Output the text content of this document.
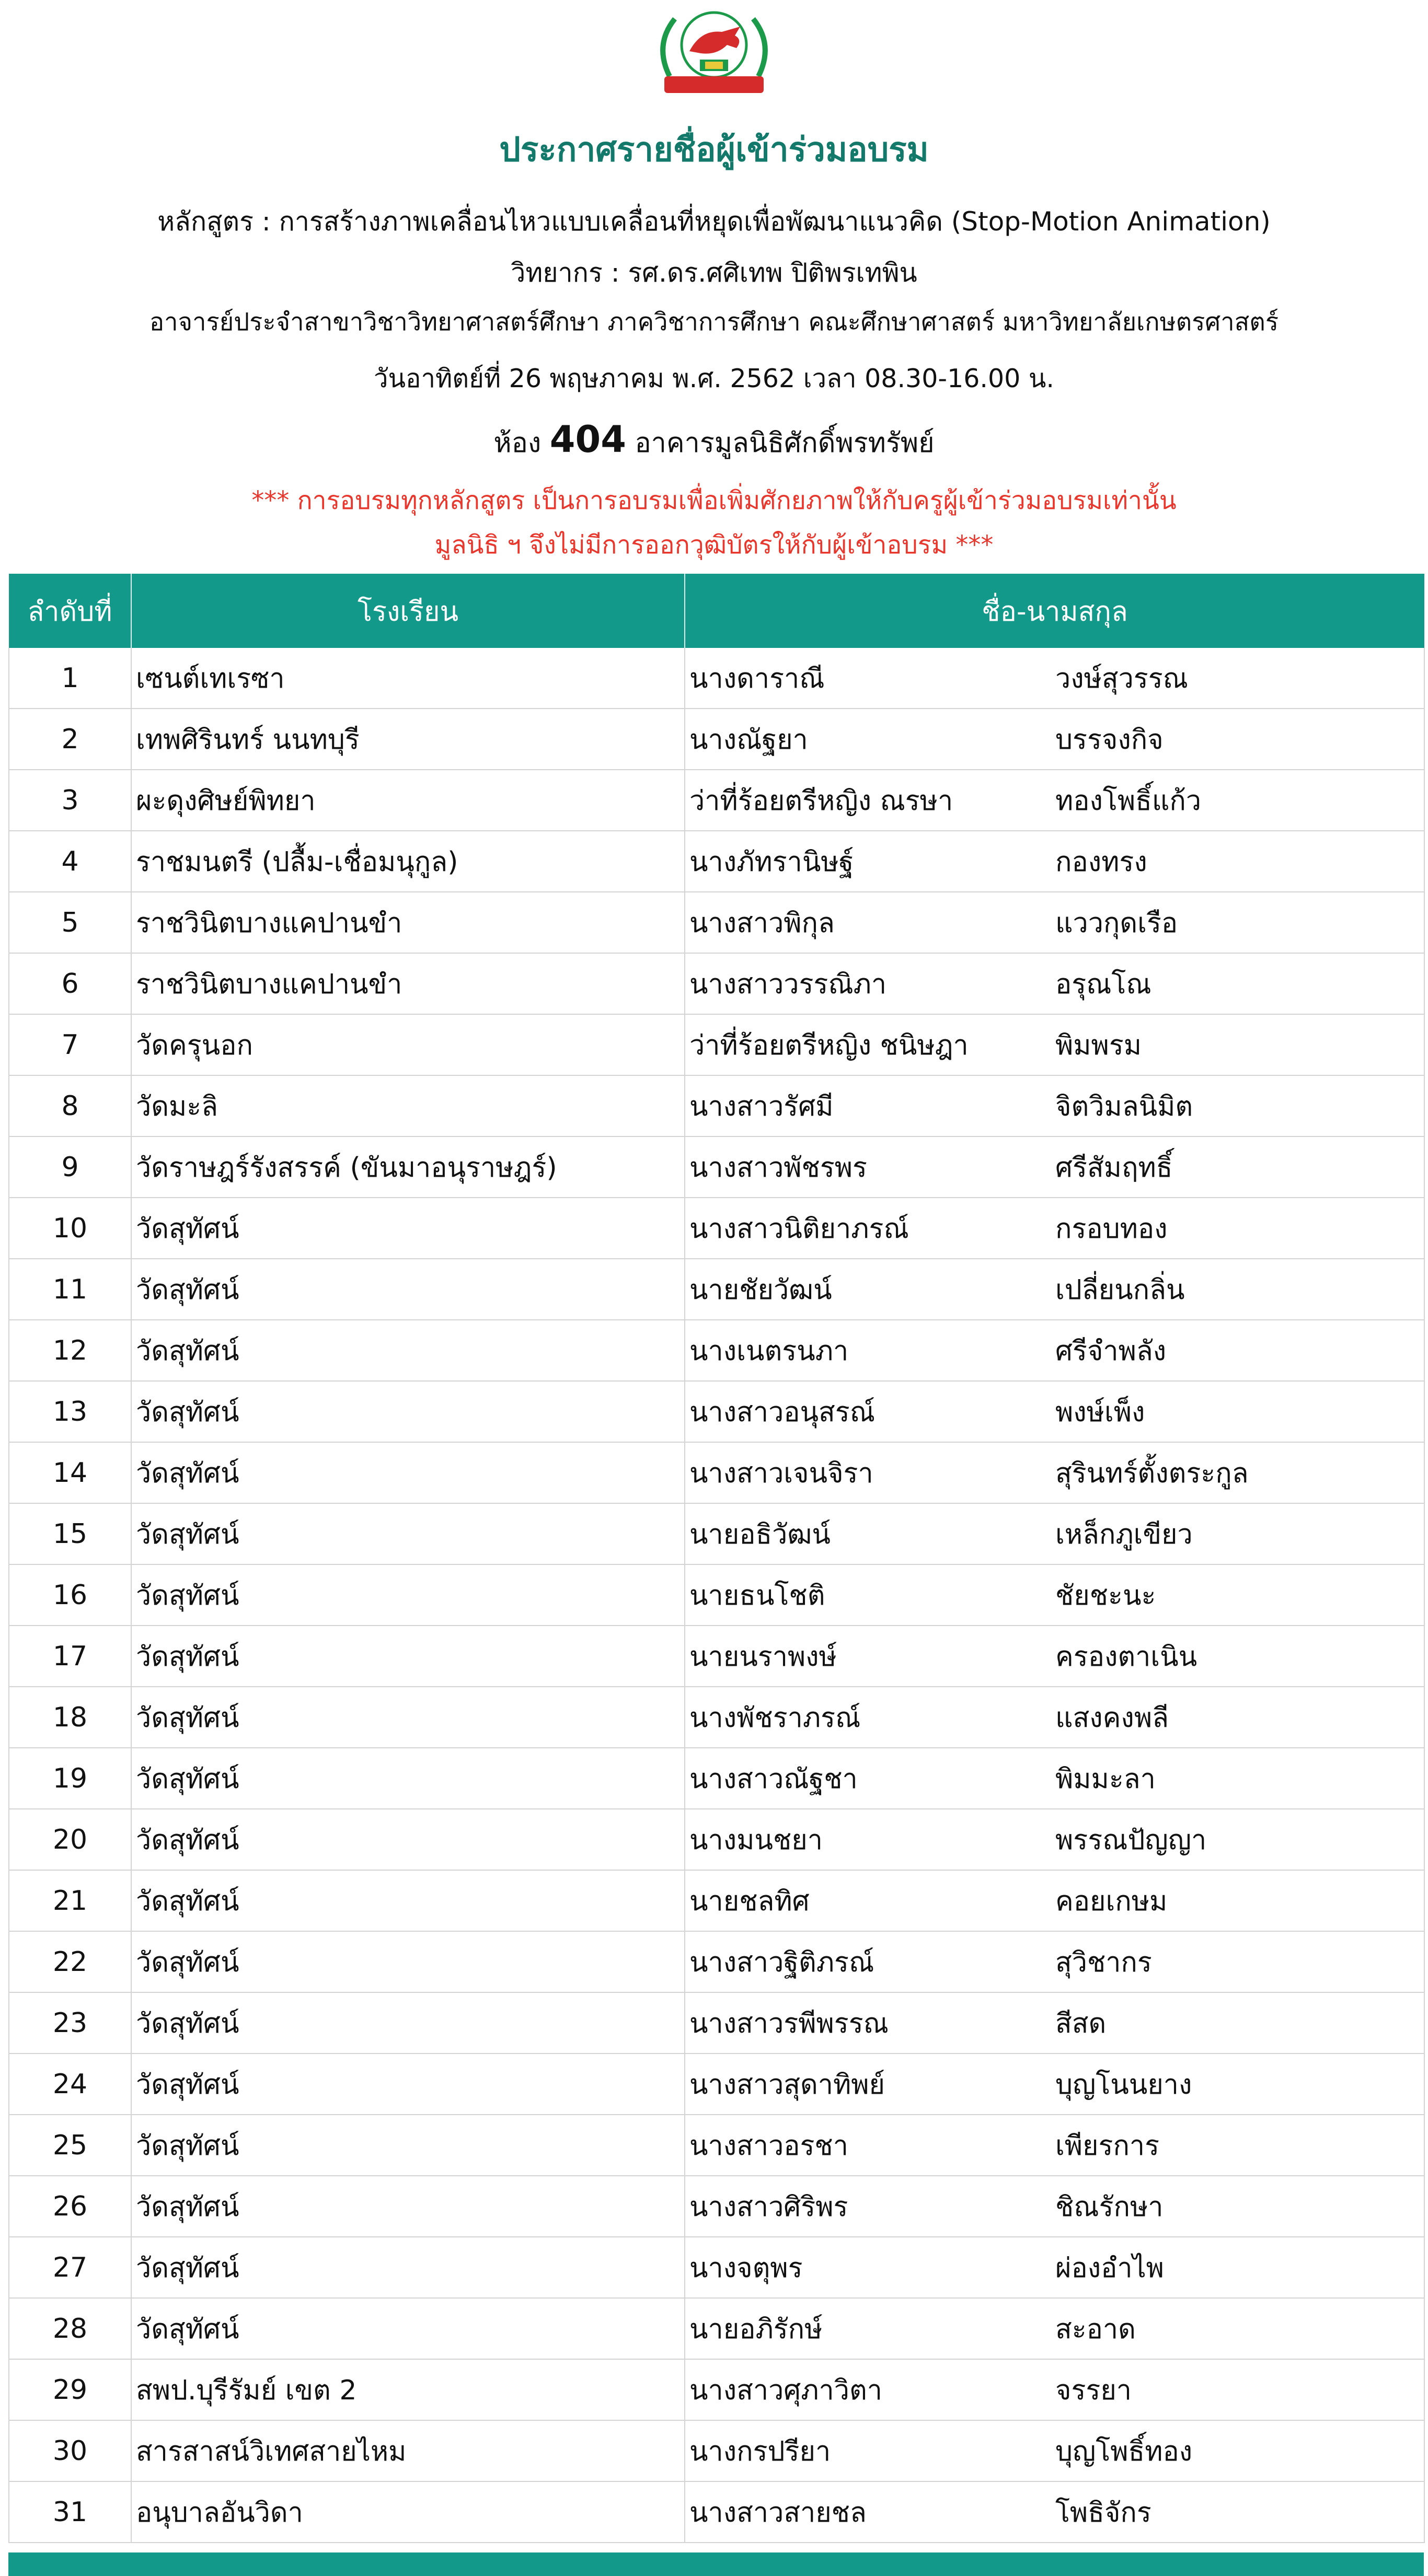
ประกาศรายชื่อผู้เข้าร่วมอบรม
หลักสูตร : การสร้างภาพเคลื่อนไหวแบบเคลื่อนที่หยุดเพื่อพัฒนาแนวคิด (Stop-Motion Animation)
วิทยากร : รศ.ดร.ศศิเทพ ปิติพรเทพิน
อาจารย์ประจำสาขาวิชาวิทยาศาสตร์ศึกษา ภาควิชาการศึกษา คณะศึกษาศาสตร์ มหาวิทยาลัยเกษตรศาสตร์
วันอาทิตย์ที่ 26 พฤษภาคม พ.ศ. 2562 เวลา 08.30-16.00 น.
ห้อง 404 อาคารมูลนิธิศักดิ์พรทรัพย์
*** การอบรมทุกหลักสูตร เป็นการอบรมเพื่อเพิ่มศักยภาพให้กับครูผู้เข้าร่วมอบรมเท่านั้น
มูลนิธิ ฯ จึงไม่มีการออกวุฒิบัตรให้กับผู้เข้าอบรม ***
ลำดับที่	โรงเรียน	ชื่อ-นามสกุล
1	เซนต์เทเรซา	นางดาราณี วงษ์สุวรรณ
2	เทพศิรินทร์ นนทบุรี	นางณัฐยา บรรจงกิจ
3	ผะดุงศิษย์พิทยา	ว่าที่ร้อยตรีหญิง ณรษา ทองโพธิ์แก้ว
4	ราชมนตรี (ปลื้ม-เชื่อมนุกูล)	นางภัทรานิษฐ์ กองทรง
5	ราชวินิตบางแคปานขำ	นางสาวพิกุล แววกุดเรือ
6	ราชวินิตบางแคปานขำ	นางสาววรรณิภา อรุณโณ
7	วัดครุนอก	ว่าที่ร้อยตรีหญิง ชนิษฎา พิมพรม
8	วัดมะลิ	นางสาวรัศมี จิตวิมลนิมิต
9	วัดราษฎร์รังสรรค์ (ขันมาอนุราษฎร์)	นางสาวพัชรพร ศรีสัมฤทธิ์
10	วัดสุทัศน์	นางสาวนิติยาภรณ์ กรอบทอง
11	วัดสุทัศน์	นายชัยวัฒน์ เปลี่ยนกลิ่น
12	วัดสุทัศน์	นางเนตรนภา ศรีจำพลัง
13	วัดสุทัศน์	นางสาวอนุสรณ์ พงษ์เพ็ง
14	วัดสุทัศน์	นางสาวเจนจิรา สุรินทร์ตั้งตระกูล
15	วัดสุทัศน์	นายอธิวัฒน์ เหล็กภูเขียว
16	วัดสุทัศน์	นายธนโชติ ชัยชะนะ
17	วัดสุทัศน์	นายนราพงษ์ ครองตาเนิน
18	วัดสุทัศน์	นางพัชราภรณ์ แสงคงพลี
19	วัดสุทัศน์	นางสาวณัฐชา พิมมะลา
20	วัดสุทัศน์	นางมนชยา พรรณปัญญา
21	วัดสุทัศน์	นายชลทิศ คอยเกษม
22	วัดสุทัศน์	นางสาวฐิติภรณ์ สุวิชากร
23	วัดสุทัศน์	นางสาวรพีพรรณ สีสด
24	วัดสุทัศน์	นางสาวสุดาทิพย์ บุญโนนยาง
25	วัดสุทัศน์	นางสาวอรชา เพียรการ
26	วัดสุทัศน์	นางสาวศิริพร ชิณรักษา
27	วัดสุทัศน์	นางจตุพร ผ่องอำไพ
28	วัดสุทัศน์	นายอภิรักษ์ สะอาด
29	สพป.บุรีรัมย์ เขต 2	นางสาวศุภาวิตา จรรยา
30	สารสาสน์วิเทศสายไหม	นางกรปรียา บุญโพธิ์ทอง
31	อนุบาลอันวิดา	นางสาวสายชล โพธิจักร
